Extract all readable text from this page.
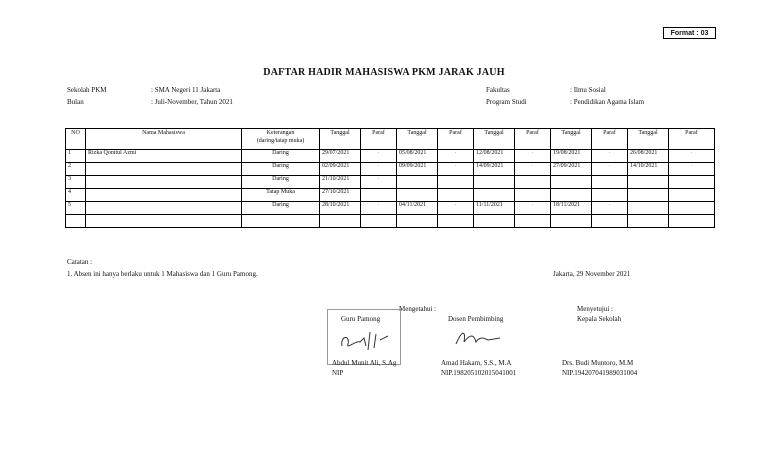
Format : 03
DAFTAR HADIR MAHASISWA PKM JARAK JAUH
Sekolah PKM	: SMA Negeri 11 Jakarta
Bulan	: Juli-November, Tahun 2021
Fakultas	: Ilmu Sosial
Program Studi	: Pendidikan Agama Islam
NO	Nama Mahasiswa	Keterangan
(daring/tatap muka)	Tanggal	Paraf	Tanggal	Paraf	Tanggal	Paraf	Tanggal	Paraf	Tanggal	Paraf
1	Rizka Qonitul Azmi	Daring	29/07/2021	.	05/08/2021	.	12/08/2021	.	19/08/2021	.	26/08/2021	.
2		Daring	02/09/2021	.	09/09/2021	.	14/09/2021	.	27/09/2021	.	14/10/2021	.
3		Daring	21/10/2021	.								
4		Tatap Muka	27/10/2021									
5		Daring	28/10/2021	.	04/11/2021	.	11/11/2021	.	18/11/2021	.		

Catatan :
1. Absen ini hanya berlaku untuk 1 Mahasiswa dan 1 Guru Pamong.	Jakarta, 29 November 2021
Mengetahui :	Menyetujui :
Guru Pamong	Dosen Pembimbing	Kepala Sekolah
Abdul Munit Ali, S.Ag
NIP
Amad Hakam, S.S., M.A
NIP.198205102015041001
Drs. Budi Muntoro, M.M
NIP.194207041989031004
